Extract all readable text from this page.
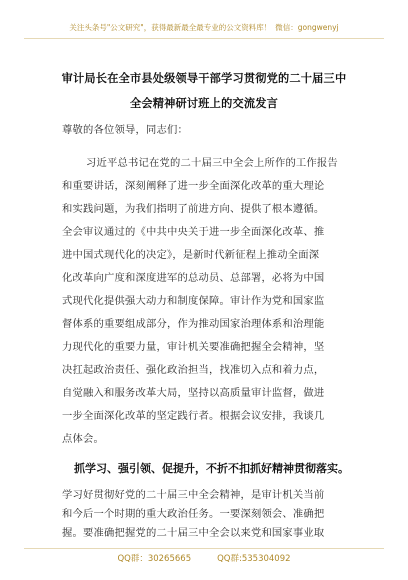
关注头条号"公文研究"，获得最新最全最专业的公文资料库！ 微信：gongwenyj
审计局长在全市县处级领导干部学习贯彻党的二十届三中
全会精神研讨班上的交流发言
尊敬的各位领导，同志们：
习近平总书记在党的二十届三中全会上所作的工作报告
和重要讲话，深刻阐释了进一步全面深化改革的重大理论
和实践问题，为我们指明了前进方向、提供了根本遵循。
全会审议通过的《中共中央关于进一步全面深化改革、推
进中国式现代化的决定》，是新时代新征程上推动全面深
化改革向广度和深度进军的总动员、总部署，必将为中国
式现代化提供强大动力和制度保障。审计作为党和国家监
督体系的重要组成部分，作为推动国家治理体系和治理能
力现代化的重要力量，审计机关要准确把握全会精神，坚
决扛起政治责任、强化政治担当，找准切入点和着力点，
自觉融入和服务改革大局，坚持以高质量审计监督，做进
一步全面深化改革的坚定践行者。根据会议安排，我谈几
点体会。
抓学习、强引领、促提升，不折不扣抓好精神贯彻落实。
学习好贯彻好党的二十届三中全会精神，是审计机关当前
和今后一个时期的重大政治任务。一要深刻领会、准确把
握。要准确把握党的二十届三中全会以来党和国家事业取
QQ群：30265665	QQ群:535304092
